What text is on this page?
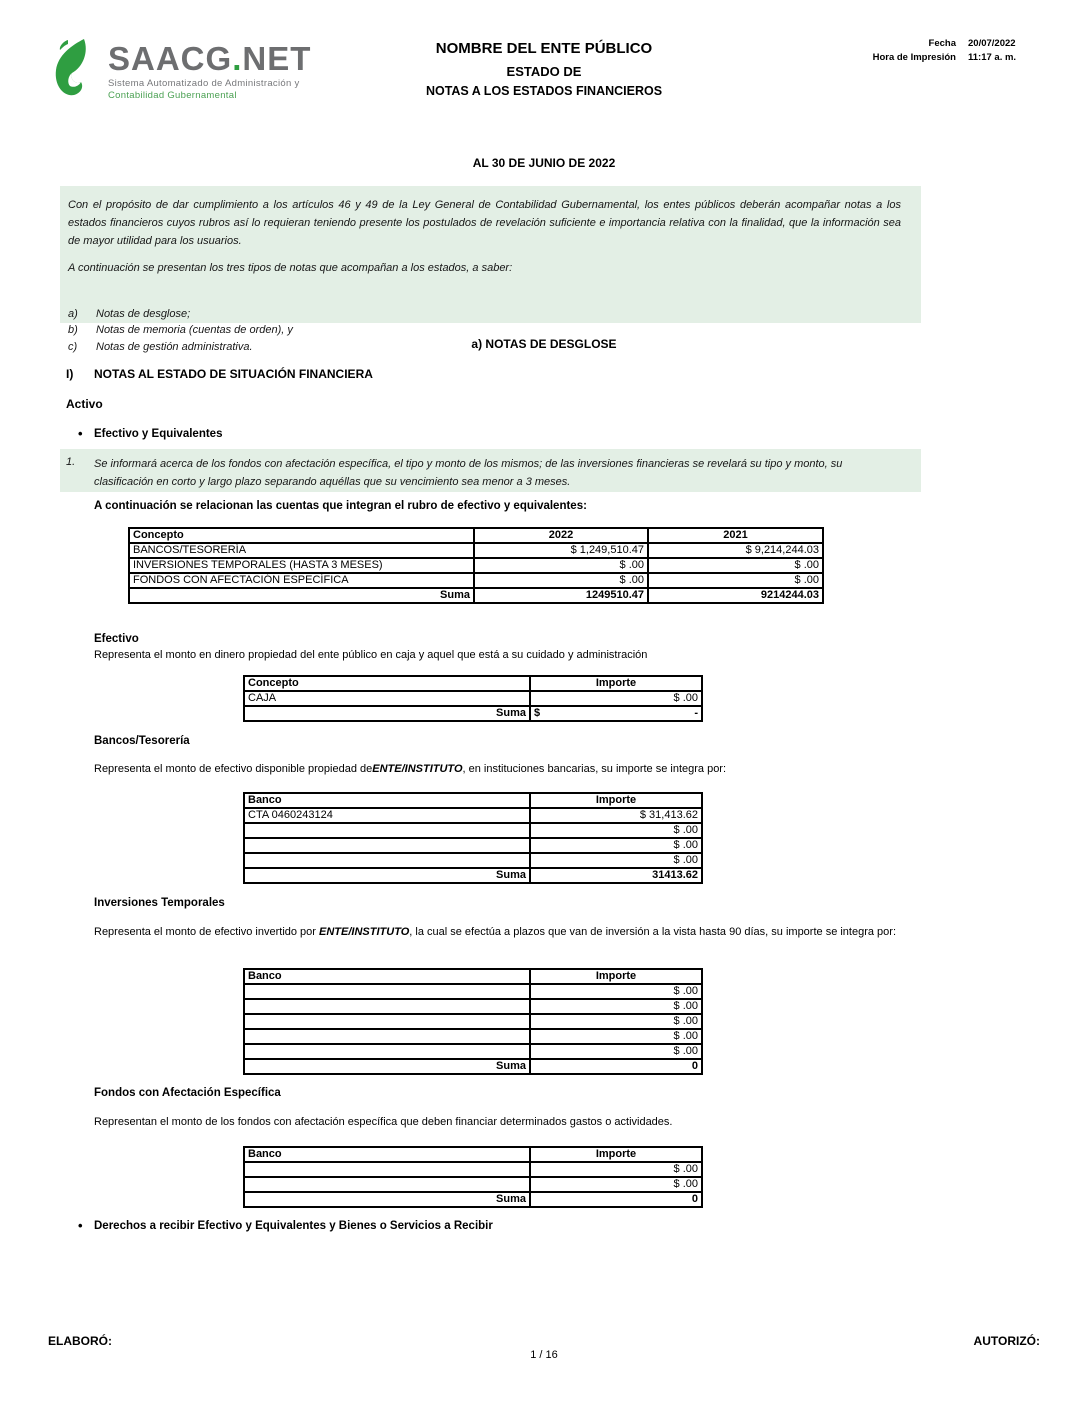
SAACG.NET
Sistema Automatizado de Administración y
Contabilidad Gubernamental
NOMBRE DEL ENTE PÚBLICO
ESTADO DE
NOTAS A LOS ESTADOS FINANCIEROS
Fecha 20/07/2022
Hora de Impresión 11:17 a. m.
AL 30 DE JUNIO DE 2022
Con el propósito de dar cumplimiento a los artículos 46 y 49 de la Ley General de Contabilidad Gubernamental, los entes públicos deberán acompañar notas a los estados financieros cuyos rubros así lo requieran teniendo presente los postulados de revelación suficiente e importancia relativa con la finalidad, que la información sea de mayor utilidad para los usuarios.
A continuación se presentan los tres tipos de notas que acompañan a los estados, a saber:
a)	Notas de desglose;
b)	Notas de memoria (cuentas de orden), y
c)	Notas de gestión administrativa.	a) NOTAS DE DESGLOSE
I)	NOTAS AL ESTADO DE SITUACIÓN FINANCIERA
Activo
• Efectivo y Equivalentes
1.	Se informará acerca de los fondos con afectación específica, el tipo y monto de los mismos; de las inversiones financieras se revelará su tipo y monto, su clasificación en corto y largo plazo separando aquéllas que su vencimiento sea menor a 3 meses.
A continuación se relacionan las cuentas que integran el rubro de efectivo y equivalentes:
Concepto	2022	2021
BANCOS/TESORERÍA	$ 1,249,510.47	$ 9,214,244.03
INVERSIONES TEMPORALES (HASTA 3 MESES)	$ .00	$ .00
FONDOS CON AFECTACIÓN ESPECÍFICA	$ .00	$ .00
Suma	1249510.47	9214244.03
Efectivo
Representa el monto en dinero propiedad del ente público en caja y aquel que está a su cuidado y administración
Concepto	Importe
CAJA	$ .00
Suma	$ -
Bancos/Tesorería
Representa el monto de efectivo disponible propiedad deENTE/INSTITUTO, en instituciones bancarias, su importe se integra por:
Banco	Importe
CTA 0460243124	$ 31,413.62
	$ .00
	$ .00
	$ .00
Suma	31413.62
Inversiones Temporales
Representa el monto de efectivo invertido por ENTE/INSTITUTO, la cual se efectúa a plazos que van de inversión a la vista hasta 90 días, su importe se integra por:
Banco	Importe
	$ .00
	$ .00
	$ .00
	$ .00
	$ .00
Suma	0
Fondos con Afectación Específica
Representan el monto de los fondos con afectación específica que deben financiar determinados gastos o actividades.
Banco	Importe
	$ .00
	$ .00
Suma	0
• Derechos a recibir Efectivo y Equivalentes y Bienes o Servicios a Recibir
ELABORÓ:	AUTORIZÓ:
1 / 16
